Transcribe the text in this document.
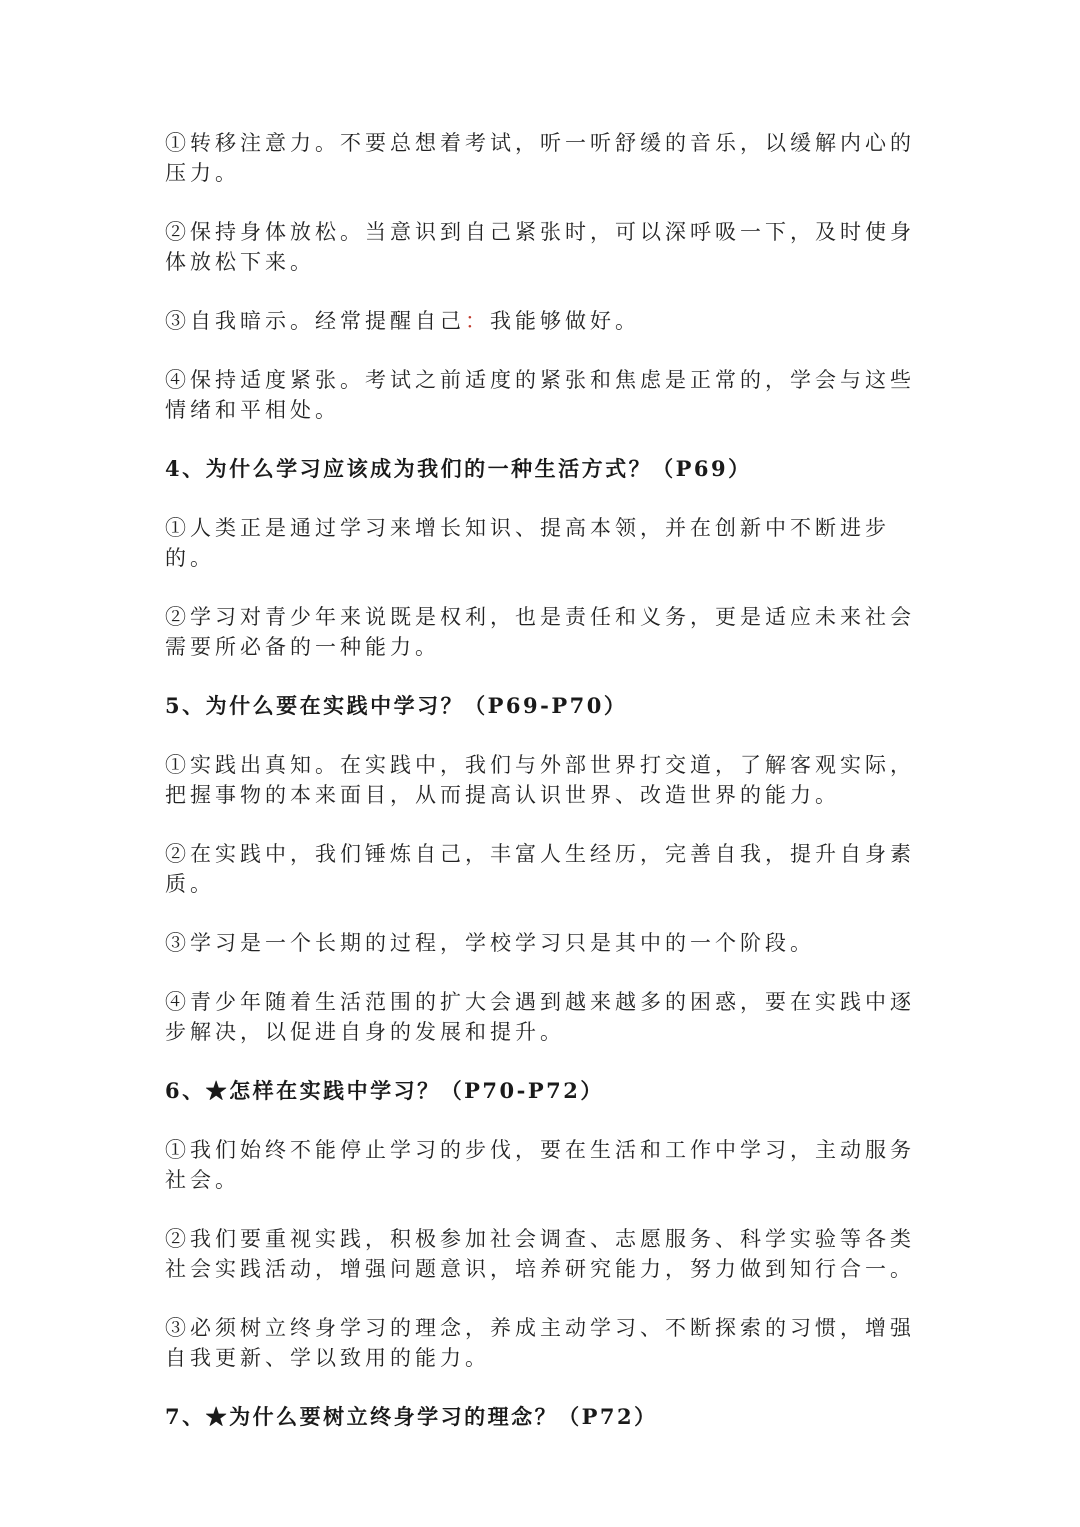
①转移注意力。不要总想着考试，听一听舒缓的音乐，以缓解内心的压力。

②保持身体放松。当意识到自己紧张时，可以深呼吸一下，及时使身体放松下来。

③自我暗示。经常提醒自己：我能够做好。

④保持适度紧张。考试之前适度的紧张和焦虑是正常的，学会与这些情绪和平相处。

4、为什么学习应该成为我们的一种生活方式？（P69）

①人类正是通过学习来增长知识、提高本领，并在创新中不断进步的。

②学习对青少年来说既是权利，也是责任和义务，更是适应未来社会需要所必备的一种能力。

5、为什么要在实践中学习？（P69-P70）

①实践出真知。在实践中，我们与外部世界打交道，了解客观实际，把握事物的本来面目，从而提高认识世界、改造世界的能力。

②在实践中，我们锤炼自己，丰富人生经历，完善自我，提升自身素质。

③学习是一个长期的过程，学校学习只是其中的一个阶段。

④青少年随着生活范围的扩大会遇到越来越多的困惑，要在实践中逐步解决，以促进自身的发展和提升。

6、★怎样在实践中学习？（P70-P72）

①我们始终不能停止学习的步伐，要在生活和工作中学习，主动服务社会。

②我们要重视实践，积极参加社会调查、志愿服务、科学实验等各类社会实践活动，增强问题意识，培养研究能力，努力做到知行合一。

③必须树立终身学习的理念，养成主动学习、不断探索的习惯，增强自我更新、学以致用的能力。

7、★为什么要树立终身学习的理念？（P72）
